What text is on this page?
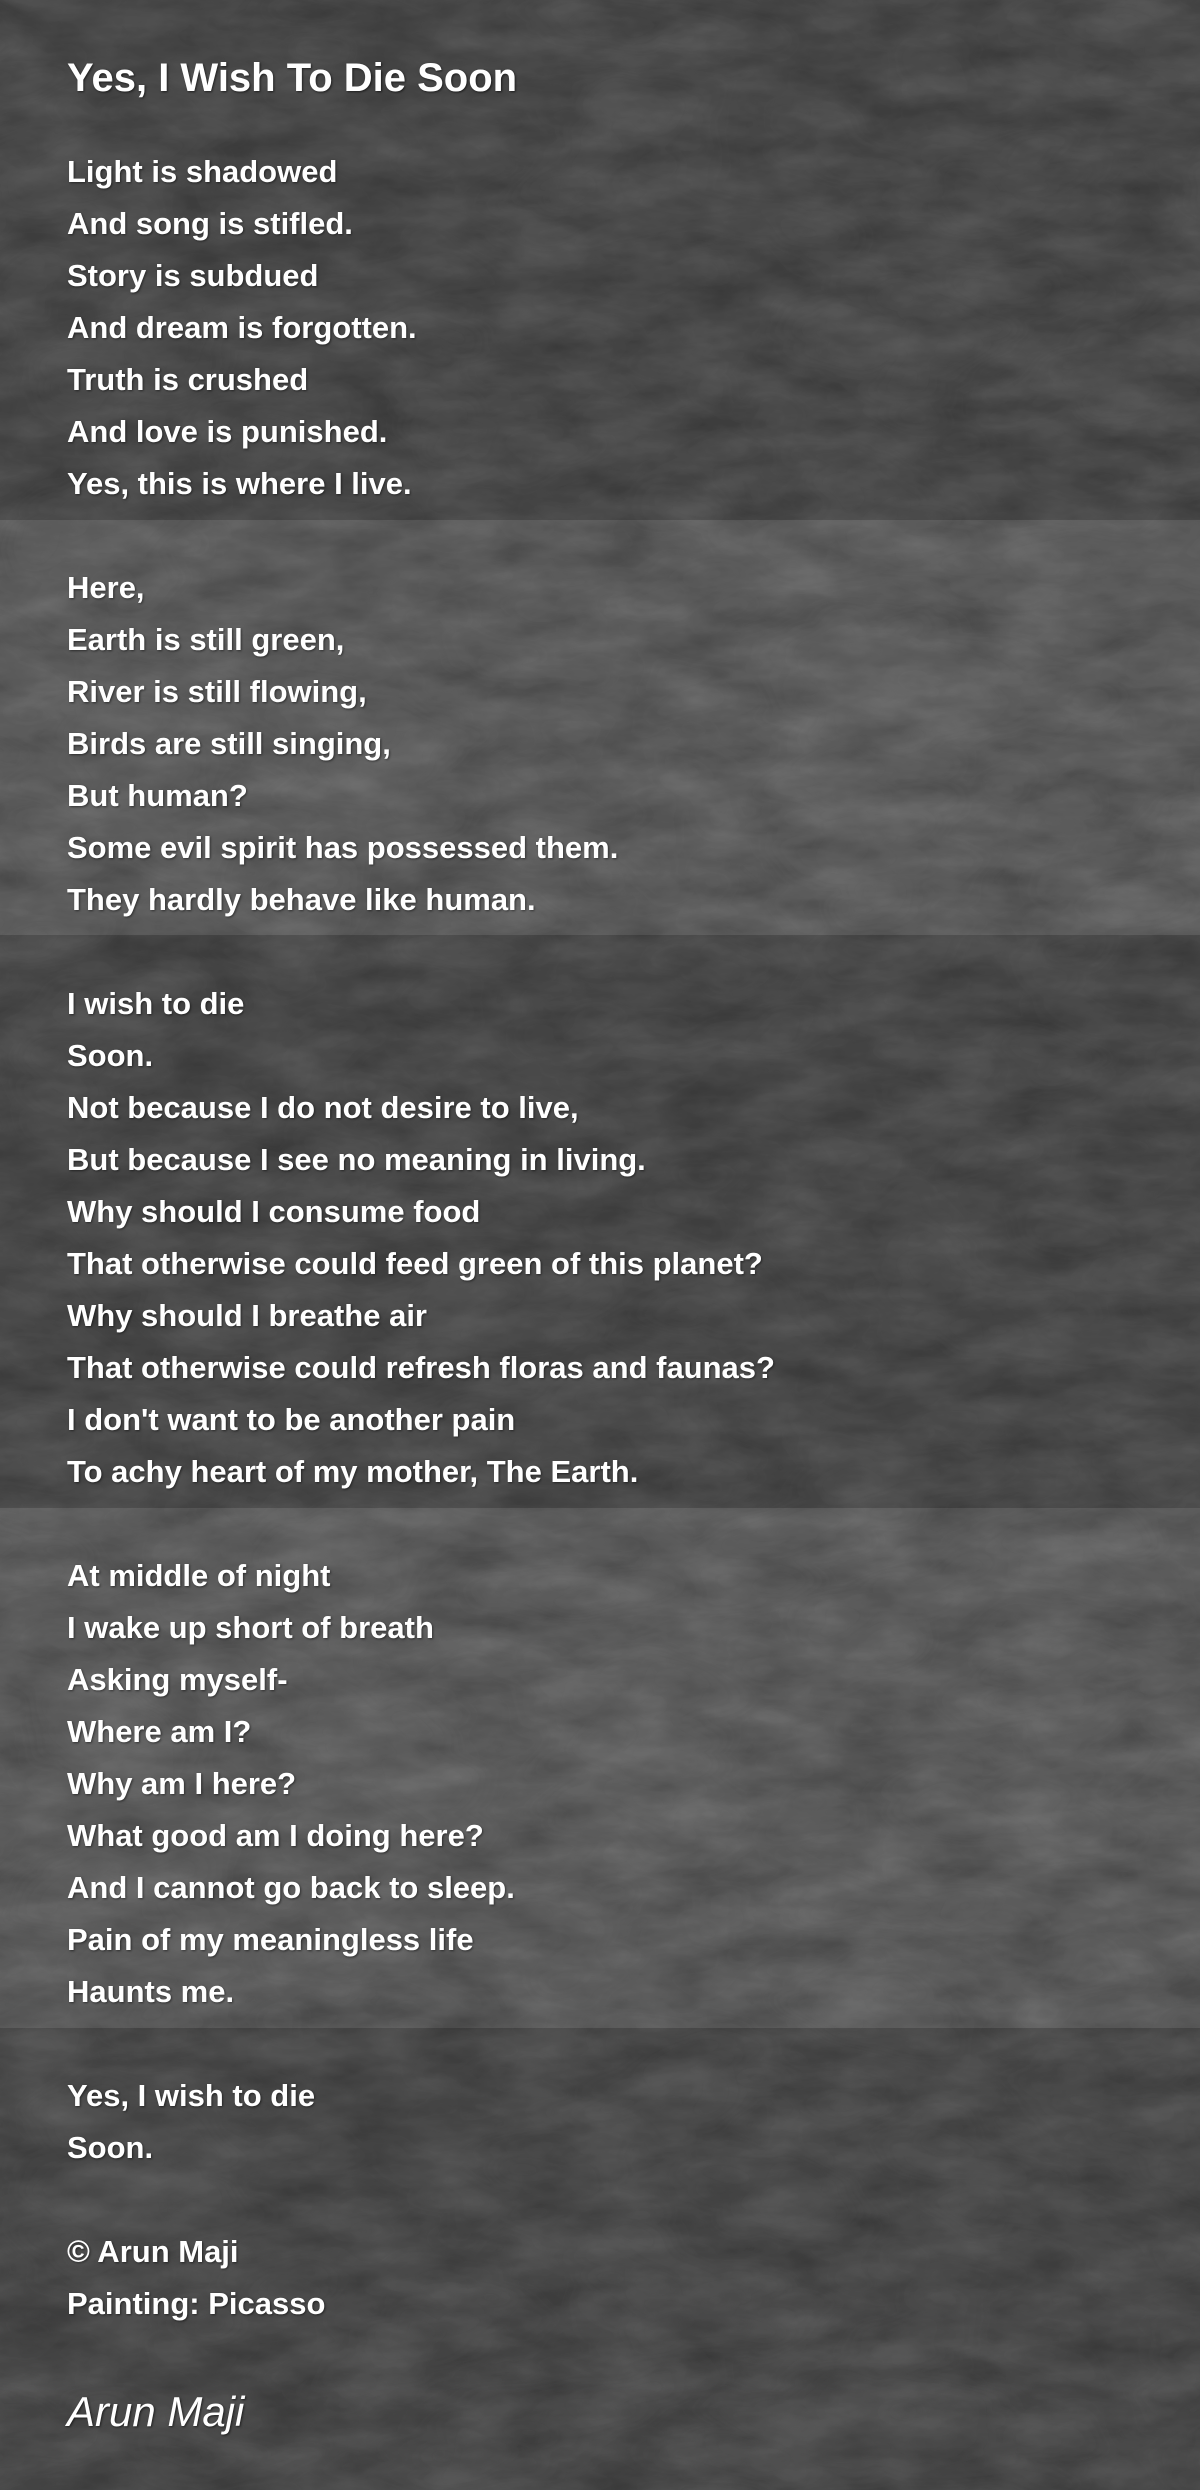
Yes, I Wish To Die Soon
Light is shadowed
And song is stifled.
Story is subdued
And dream is forgotten.
Truth is crushed
And love is punished.
Yes, this is where I live.
Here,
Earth is still green,
River is still flowing,
Birds are still singing,
But human?
Some evil spirit has possessed them.
They hardly behave like human.
I wish to die
Soon.
Not because I do not desire to live,
But because I see no meaning in living.
Why should I consume food
That otherwise could feed green of this planet?
Why should I breathe air
That otherwise could refresh floras and faunas?
I don't want to be another pain
To achy heart of my mother, The Earth.
At middle of night
I wake up short of breath
Asking myself-
Where am I?
Why am I here?
What good am I doing here?
And I cannot go back to sleep.
Pain of my meaningless life
Haunts me.
Yes, I wish to die
Soon.
© Arun Maji
Painting: Picasso
Arun Maji
